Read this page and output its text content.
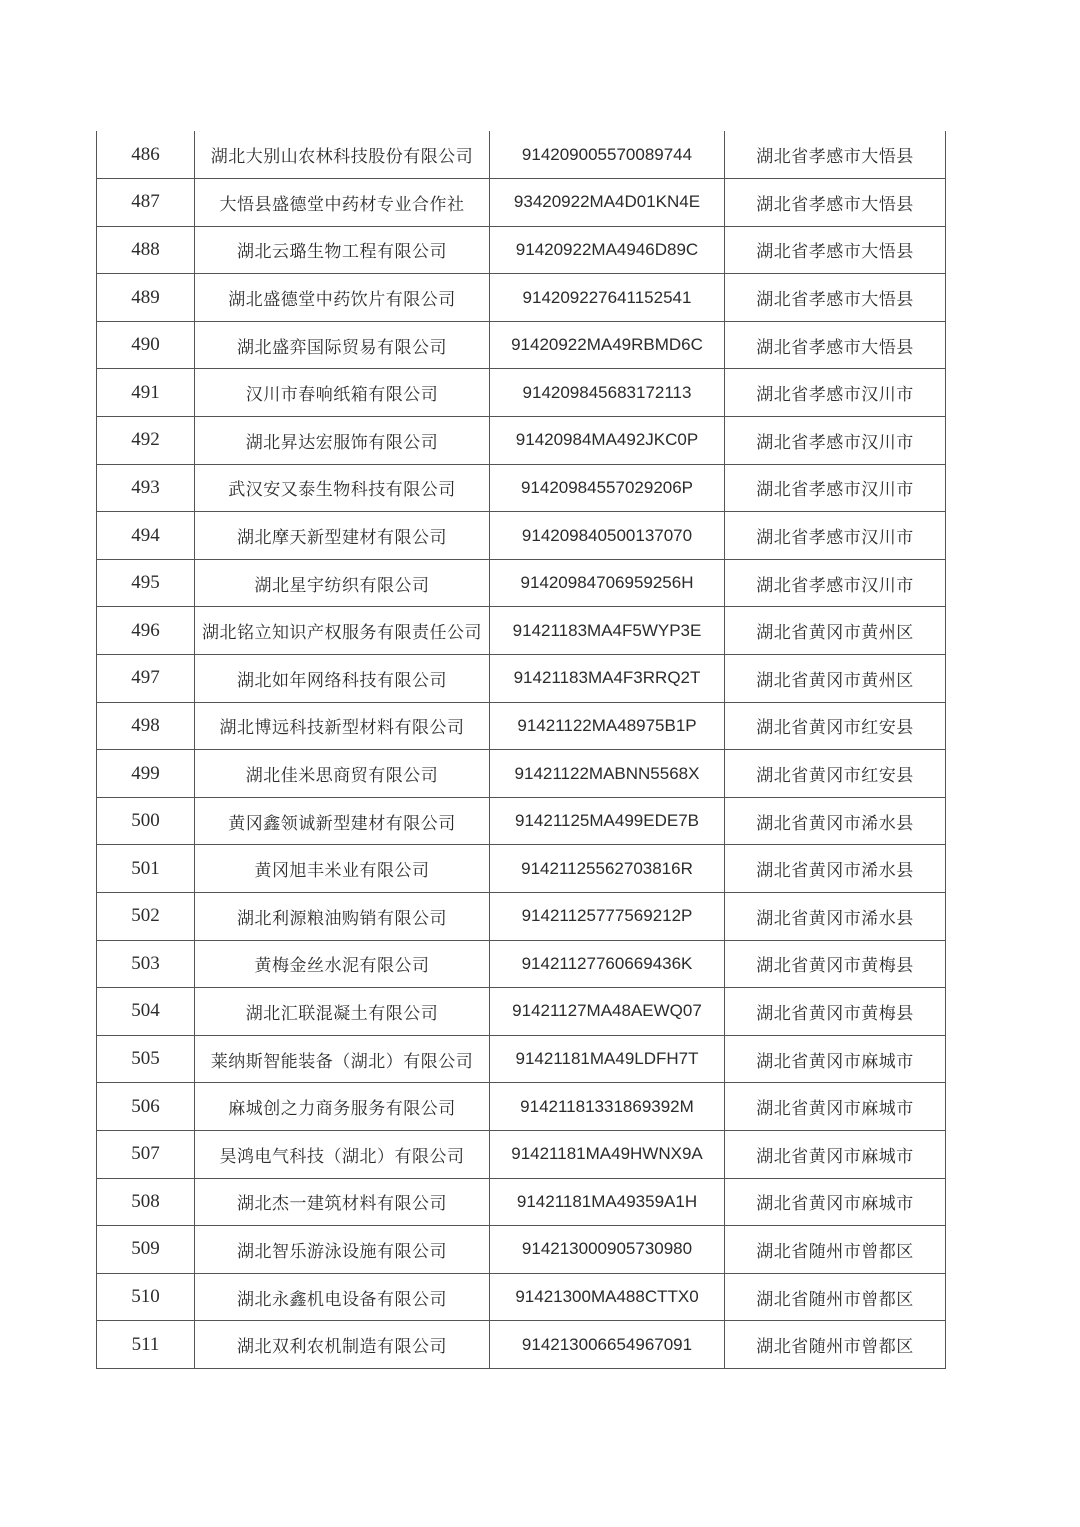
486	湖北大别山农林科技股份有限公司	914209005570089744	湖北省孝感市大悟县
487	大悟县盛德堂中药材专业合作社	93420922MA4D01KN4E	湖北省孝感市大悟县
488	湖北云璐生物工程有限公司	91420922MA4946D89C	湖北省孝感市大悟县
489	湖北盛德堂中药饮片有限公司	914209227641152541	湖北省孝感市大悟县
490	湖北盛弈国际贸易有限公司	91420922MA49RBMD6C	湖北省孝感市大悟县
491	汉川市春响纸箱有限公司	914209845683172113	湖北省孝感市汉川市
492	湖北昇达宏服饰有限公司	91420984MA492JKC0P	湖北省孝感市汉川市
493	武汉安又泰生物科技有限公司	91420984557029206P	湖北省孝感市汉川市
494	湖北摩天新型建材有限公司	914209840500137070	湖北省孝感市汉川市
495	湖北星宇纺织有限公司	91420984706959256H	湖北省孝感市汉川市
496	湖北铭立知识产权服务有限责任公司	91421183MA4F5WYP3E	湖北省黄冈市黄州区
497	湖北如年网络科技有限公司	91421183MA4F3RRQ2T	湖北省黄冈市黄州区
498	湖北博远科技新型材料有限公司	91421122MA48975B1P	湖北省黄冈市红安县
499	湖北佳米思商贸有限公司	91421122MABNN5568X	湖北省黄冈市红安县
500	黄冈鑫领诚新型建材有限公司	91421125MA499EDE7B	湖北省黄冈市浠水县
501	黄冈旭丰米业有限公司	91421125562703816R	湖北省黄冈市浠水县
502	湖北利源粮油购销有限公司	91421125777569212P	湖北省黄冈市浠水县
503	黄梅金丝水泥有限公司	91421127760669436K	湖北省黄冈市黄梅县
504	湖北汇联混凝土有限公司	91421127MA48AEWQ07	湖北省黄冈市黄梅县
505	莱纳斯智能装备（湖北）有限公司	91421181MA49LDFH7T	湖北省黄冈市麻城市
506	麻城创之力商务服务有限公司	91421181331869392M	湖北省黄冈市麻城市
507	昊鸿电气科技（湖北）有限公司	91421181MA49HWNX9A	湖北省黄冈市麻城市
508	湖北杰一建筑材料有限公司	91421181MA49359A1H	湖北省黄冈市麻城市
509	湖北智乐游泳设施有限公司	914213000905730980	湖北省随州市曾都区
510	湖北永鑫机电设备有限公司	91421300MA488CTTX0	湖北省随州市曾都区
511	湖北双利农机制造有限公司	914213006654967091	湖北省随州市曾都区
